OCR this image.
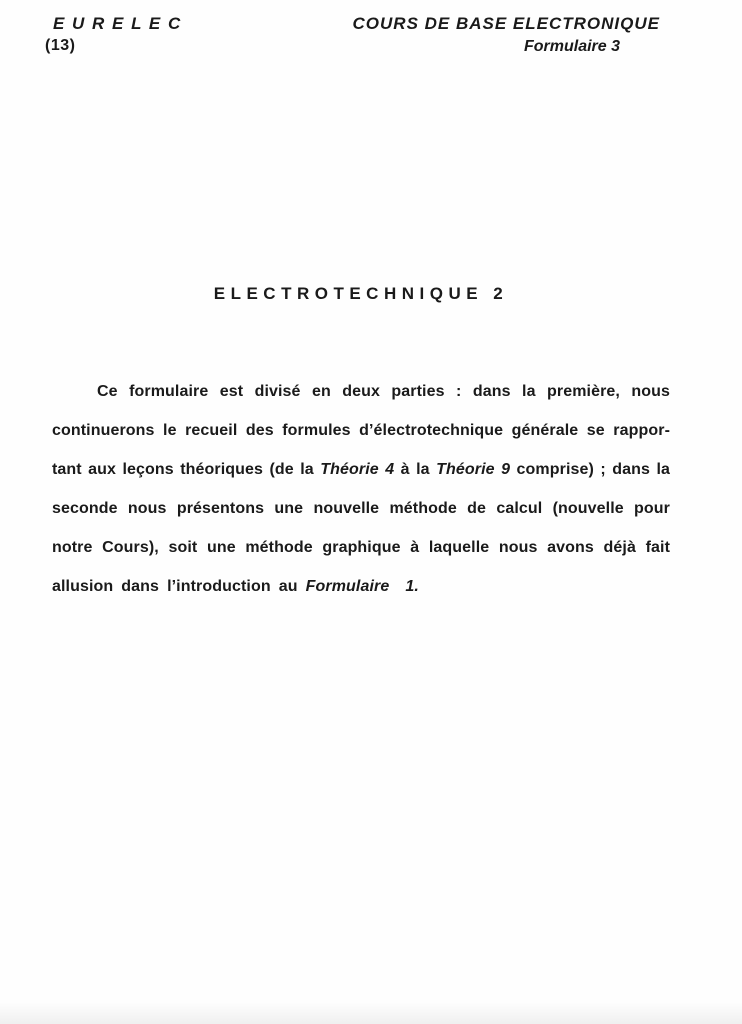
E U R E L E C
(13)
COURS DE BASE ELECTRONIQUE
Formulaire 3
ELECTROTECHNIQUE 2
Ce formulaire est divisé en deux parties : dans la première, nous
continuerons le recueil des formules d’électrotechnique générale se rappor-
tant aux leçons théoriques (de la Théorie 4 à la Théorie 9 comprise) ; dans la
seconde nous présentons une nouvelle méthode de calcul (nouvelle pour
notre Cours), soit une méthode graphique à laquelle nous avons déjà fait
allusion dans l’introduction au Formulaire  1.
